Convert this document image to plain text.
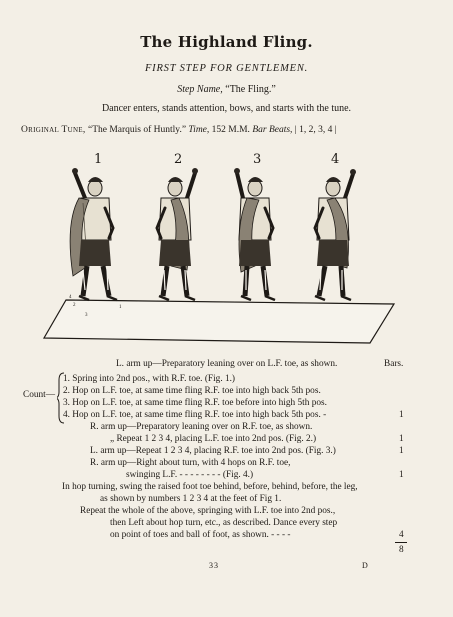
The Highland Fling.
FIRST STEP FOR GENTLEMEN.
Step Name, “The Fling.”
Dancer enters, stands attention, bows, and starts with the tune.
Original Tune, “The Marquis of Huntly.” Time, 152 M.M. Bar Beats, | 1, 2, 3, 4 |
1	2	3	4
2
4
1
3
L. arm up—Preparatory leaning over on L.F. toe, as shown.	Bars.
Count—
1. Spring into 2nd pos., with R.F. toe. (Fig. 1.)
2. Hop on L.F. toe, at same time fling R.F. toe into high back 5th pos.
3. Hop on L.F. toe, at same time fling R.F. toe before into high 5th pos.
4. Hop on L.F. toe, at same time fling R.F. toe into high back 5th pos. -	1
R. arm up—Preparatory leaning over on R.F. toe, as shown.
„ Repeat 1 2 3 4, placing L.F. toe into 2nd pos. (Fig. 2.)	1
L. arm up—Repeat 1 2 3 4, placing R.F. toe into 2nd pos. (Fig. 3.)	1
R. arm up—Right about turn, with 4 hops on R.F. toe,
swinging L.F. - - - - - - - - (Fig. 4.)	1
In hop turning, swing the raised foot toe behind, before, behind, before, the leg,
as shown by numbers 1 2 3 4 at the feet of Fig 1.
Repeat the whole of the above, springing with L.F. toe into 2nd pos.,
then Left about hop turn, etc., as described. Dance every step
on point of toes and ball of foot, as shown. - - - -	4
8
33	D
